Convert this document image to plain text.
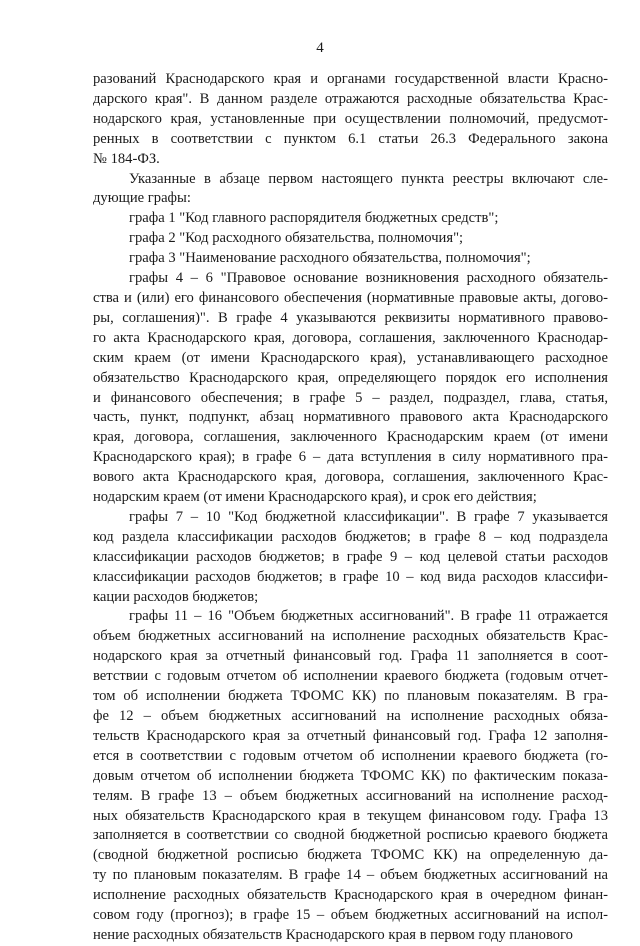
4
разований Краснодарского края и органами государственной власти Красно-
дарского края". В данном разделе отражаются расходные обязательства Крас-
нодарского края, установленные при осуществлении полномочий, предусмот-
ренных в соответствии с пунктом 6.1 статьи 26.3 Федерального закона
№ 184-ФЗ.
Указанные в абзаце первом настоящего пункта реестры включают сле-
дующие графы:
графа 1 "Код главного распорядителя бюджетных средств";
графа 2 "Код расходного обязательства, полномочия";
графа 3 "Наименование расходного обязательства, полномочия";
графы 4 – 6 "Правовое основание возникновения расходного обязатель-
ства и (или) его финансового обеспечения (нормативные правовые акты, догово-
ры, соглашения)". В графе 4 указываются реквизиты нормативного правово-
го акта Краснодарского края, договора, соглашения, заключенного Краснодар-
ским краем (от имени Краснодарского края), устанавливающего расходное
обязательство Краснодарского края, определяющего порядок его исполнения
и финансового обеспечения; в графе 5 – раздел, подраздел, глава, статья,
часть, пункт, подпункт, абзац нормативного правового акта Краснодарского
края, договора, соглашения, заключенного Краснодарским краем (от имени
Краснодарского края); в графе 6 – дата вступления в силу нормативного пра-
вового акта Краснодарского края, договора, соглашения, заключенного Крас-
нодарским краем (от имени Краснодарского края), и срок его действия;
графы 7 – 10 "Код бюджетной классификации". В графе 7 указывается
код раздела классификации расходов бюджетов; в графе 8 – код подраздела
классификации расходов бюджетов; в графе 9 – код целевой статьи расходов
классификации расходов бюджетов; в графе 10 – код вида расходов классифи-
кации расходов бюджетов;
графы 11 – 16 "Объем бюджетных ассигнований". В графе 11 отражается
объем бюджетных ассигнований на исполнение расходных обязательств Крас-
нодарского края за отчетный финансовый год. Графа 11 заполняется в соот-
ветствии с годовым отчетом об исполнении краевого бюджета (годовым отчет-
том об исполнении бюджета ТФОМС КК) по плановым показателям. В гра-
фе 12 – объем бюджетных ассигнований на исполнение расходных обяза-
тельств Краснодарского края за отчетный финансовый год. Графа 12 заполня-
ется в соответствии с годовым отчетом об исполнении краевого бюджета (го-
довым отчетом об исполнении бюджета ТФОМС КК) по фактическим показа-
телям. В графе 13 – объем бюджетных ассигнований на исполнение расход-
ных обязательств Краснодарского края в текущем финансовом году. Графа 13
заполняется в соответствии со сводной бюджетной росписью краевого бюджета
(сводной бюджетной росписью бюджета ТФОМС КК) на определенную да-
ту по плановым показателям. В графе 14 – объем бюджетных ассигнований на
исполнение расходных обязательств Краснодарского края в очередном финан-
совом году (прогноз); в графе 15 – объем бюджетных ассигнований на испол-
нение расходных обязательств Краснодарского края в первом году планового
